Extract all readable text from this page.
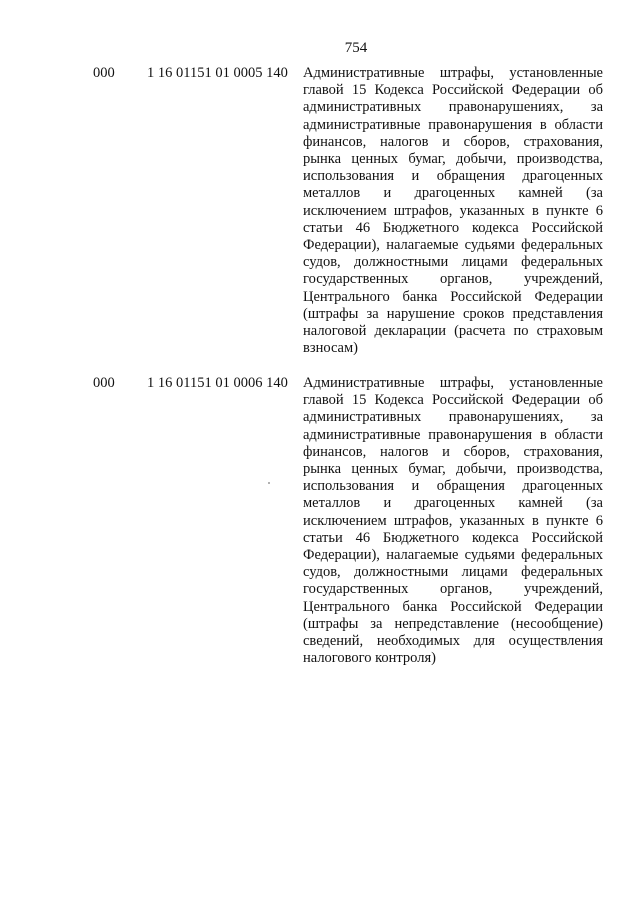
754
000 1 16 01151 01 0005 140 Административные штрафы, установленные главой 15 Кодекса Российской Федерации об административных правонарушениях, за административные правонарушения в области финансов, налогов и сборов, страхования, рынка ценных бумаг, добычи, производства, использования и обращения драгоценных металлов и драгоценных камней (за исключением штрафов, указанных в пункте 6 статьи 46 Бюджетного кодекса Российской Федерации), налагаемые судьями федеральных судов, должностными лицами федеральных государственных органов, учреждений, Центрального банка Российской Федерации (штрафы за нарушение сроков представления налоговой декларации (расчета по страховым взносам)
000 1 16 01151 01 0006 140 Административные штрафы, установленные главой 15 Кодекса Российской Федерации об административных правонарушениях, за административные правонарушения в области финансов, налогов и сборов, страхования, рынка ценных бумаг, добычи, производства, использования и обращения драгоценных металлов и драгоценных камней (за исключением штрафов, указанных в пункте 6 статьи 46 Бюджетного кодекса Российской Федерации), налагаемые судьями федеральных судов, должностными лицами федеральных государственных органов, учреждений, Центрального банка Российской Федерации (штрафы за непредставление (несообщение) сведений, необходимых для осуществления налогового контроля)
